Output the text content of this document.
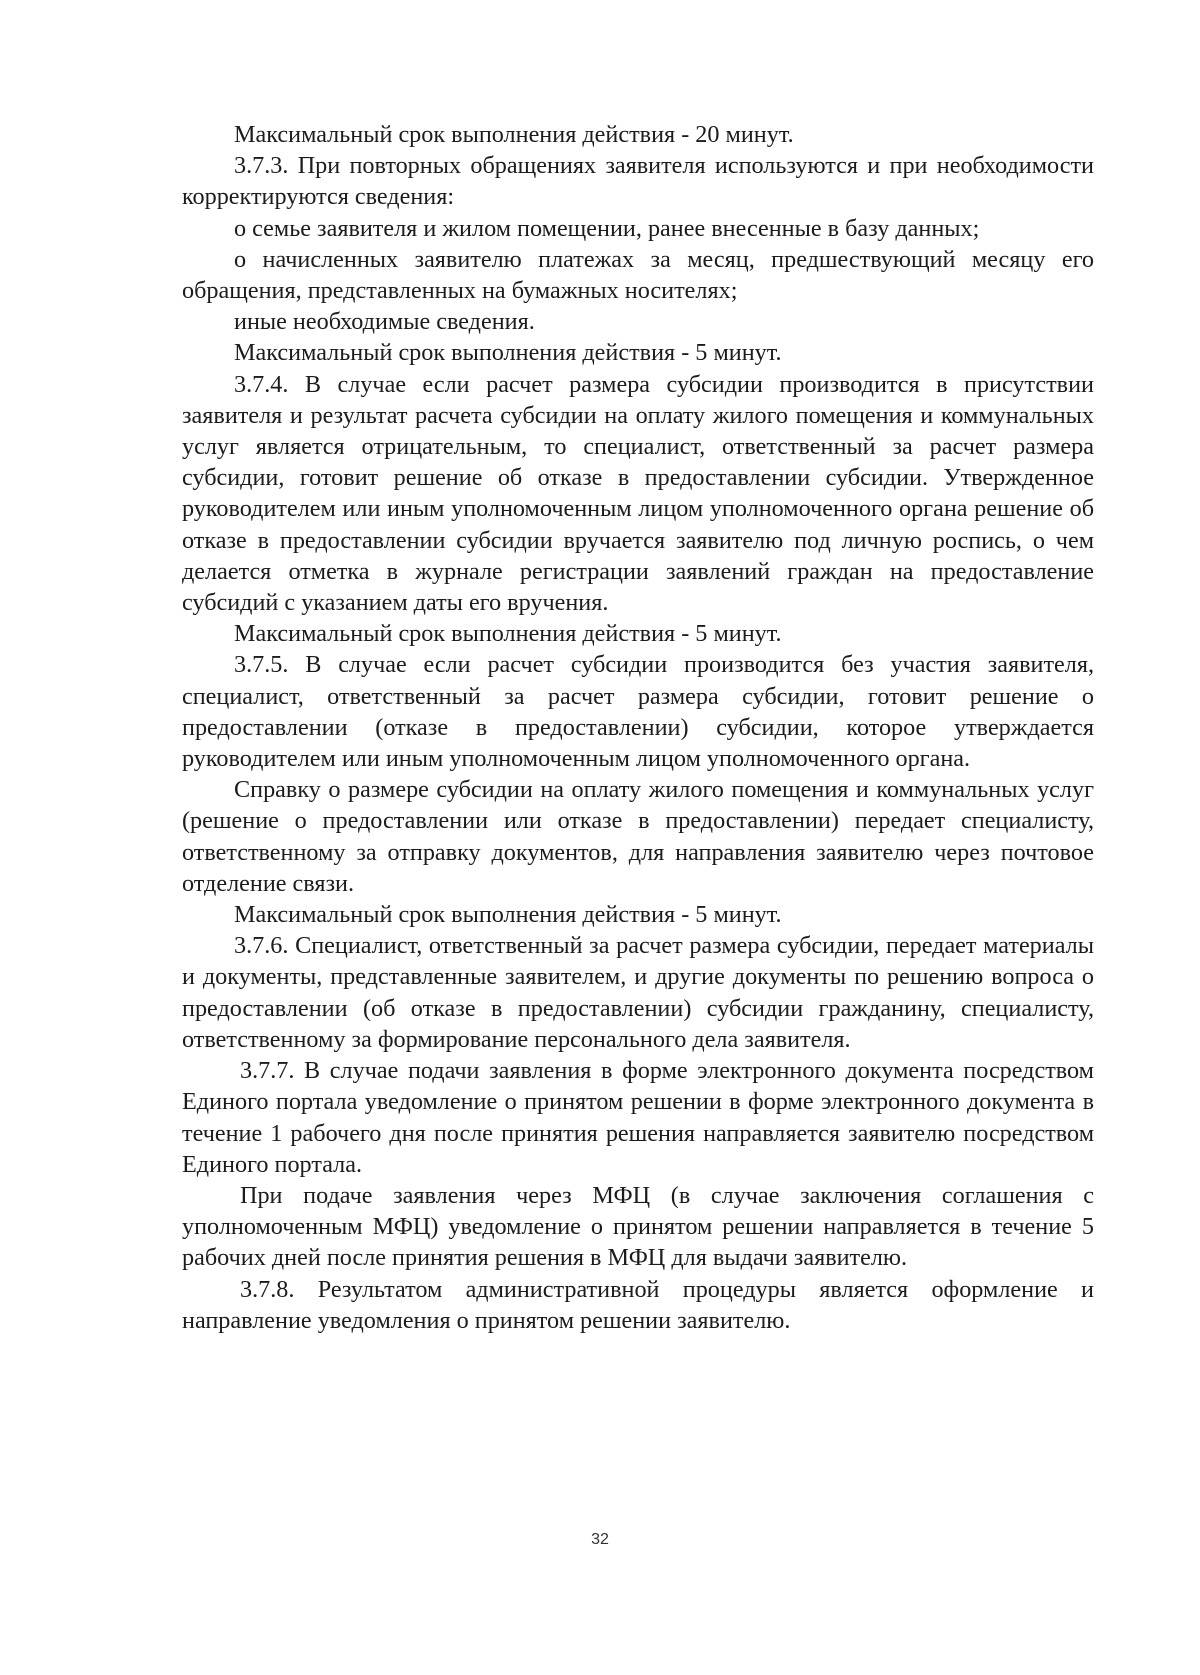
Максимальный срок выполнения действия - 20 минут.

3.7.3. При повторных обращениях заявителя используются и при необходимости корректируются сведения:

о семье заявителя и жилом помещении, ранее внесенные в базу данных;

о начисленных заявителю платежах за месяц, предшествующий месяцу его обращения, представленных на бумажных носителях;

иные необходимые сведения.

Максимальный срок выполнения действия - 5 минут.

3.7.4. В случае если расчет размера субсидии производится в присутствии заявителя и результат расчета субсидии на оплату жилого помещения и коммунальных услуг является отрицательным, то специалист, ответственный за расчет размера субсидии, готовит решение об отказе в предоставлении субсидии. Утвержденное руководителем или иным уполномоченным лицом уполномоченного органа решение об отказе в предоставлении субсидии вручается заявителю под личную роспись, о чем делается отметка в журнале регистрации заявлений граждан на предоставление субсидий с указанием даты его вручения.

Максимальный срок выполнения действия - 5 минут.

3.7.5. В случае если расчет субсидии производится без участия заявителя, специалист, ответственный за расчет размера субсидии, готовит решение о предоставлении (отказе в предоставлении) субсидии, которое утверждается руководителем или иным уполномоченным лицом уполномоченного органа.

Справку о размере субсидии на оплату жилого помещения и коммунальных услуг (решение о предоставлении или отказе в предоставлении) передает специалисту, ответственному за отправку документов, для направления заявителю через почтовое отделение связи.

Максимальный срок выполнения действия - 5 минут.

3.7.6. Специалист, ответственный за расчет размера субсидии, передает материалы и документы, представленные заявителем, и другие документы по решению вопроса о предоставлении (об отказе в предоставлении) субсидии гражданину, специалисту, ответственному за формирование персонального дела заявителя.

3.7.7. В случае подачи заявления в форме электронного документа посредством Единого портала уведомление о принятом решении в форме электронного документа в течение 1 рабочего дня после принятия решения направляется заявителю посредством Единого портала.

При подаче заявления через МФЦ (в случае заключения соглашения с уполномоченным МФЦ) уведомление о принятом решении направляется в течение 5 рабочих дней после принятия решения в МФЦ для выдачи заявителю.

3.7.8. Результатом административной процедуры является оформление и направление уведомления о принятом решении заявителю.

32
